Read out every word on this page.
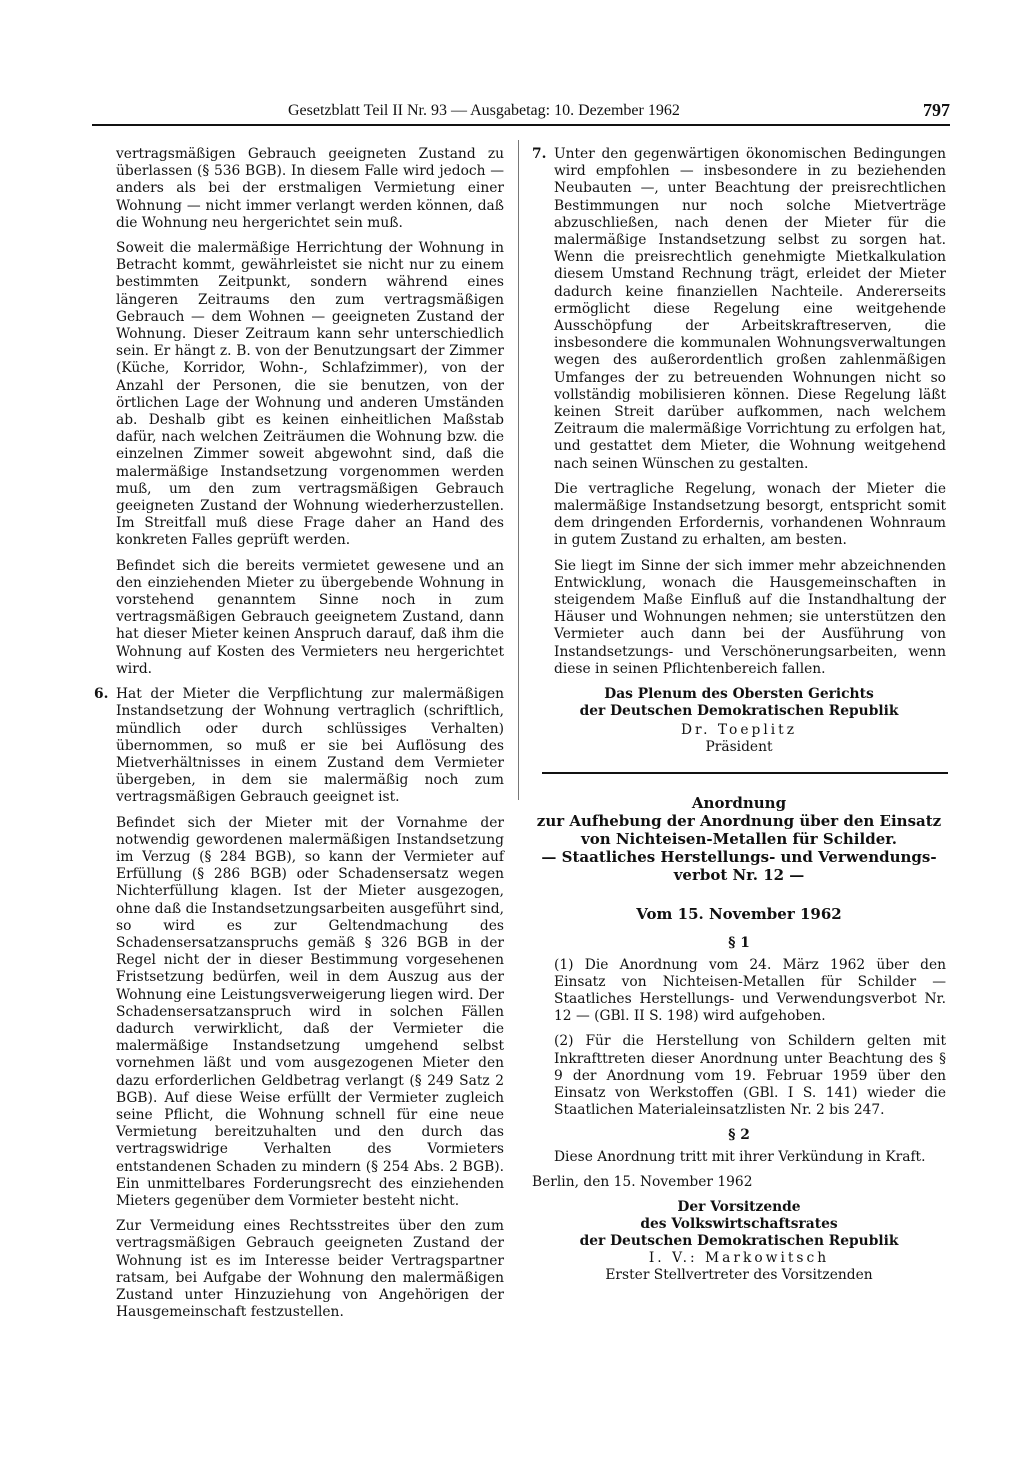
Gesetzblatt Teil II Nr. 93 — Ausgabetag: 10. Dezember 1962	797

vertragsmäßigen Gebrauch geeigneten Zustand zu überlassen (§ 536 BGB). In diesem Falle wird jedoch — anders als bei der erstmaligen Vermietung einer Wohnung — nicht immer verlangt werden können, daß die Wohnung neu hergerichtet sein muß.

Soweit die malermäßige Herrichtung der Wohnung in Betracht kommt, gewährleistet sie nicht nur zu einem bestimmten Zeitpunkt, sondern während eines längeren Zeitraums den zum vertragsmäßigen Gebrauch — dem Wohnen — geeigneten Zustand der Wohnung. Dieser Zeitraum kann sehr unterschiedlich sein. Er hängt z. B. von der Benutzungsart der Zimmer (Küche, Korridor, Wohn-, Schlafzimmer), von der Anzahl der Personen, die sie benutzen, von der örtlichen Lage der Wohnung und anderen Umständen ab. Deshalb gibt es keinen einheitlichen Maßstab dafür, nach welchen Zeiträumen die Wohnung bzw. die einzelnen Zimmer soweit abgewohnt sind, daß die malermäßige Instandsetzung vorgenommen werden muß, um den zum vertragsmäßigen Gebrauch geeigneten Zustand der Wohnung wiederherzustellen. Im Streitfall muß diese Frage daher an Hand des konkreten Falles geprüft werden.

Befindet sich die bereits vermietet gewesene und an den einziehenden Mieter zu übergebende Wohnung in vorstehend genanntem Sinne noch in zum vertragsmäßigen Gebrauch geeignetem Zustand, dann hat dieser Mieter keinen Anspruch darauf, daß ihm die Wohnung auf Kosten des Vermieters neu hergerichtet wird.

6. Hat der Mieter die Verpflichtung zur malermäßigen Instandsetzung der Wohnung vertraglich (schriftlich, mündlich oder durch schlüssiges Verhalten) übernommen, so muß er sie bei Auflösung des Mietverhältnisses in einem Zustand dem Vermieter übergeben, in dem sie malermäßig noch zum vertragsmäßigen Gebrauch geeignet ist.

Befindet sich der Mieter mit der Vornahme der notwendig gewordenen malermäßigen Instandsetzung im Verzug (§ 284 BGB), so kann der Vermieter auf Erfüllung (§ 286 BGB) oder Schadensersatz wegen Nichterfüllung klagen. Ist der Mieter ausgezogen, ohne daß die Instandsetzungsarbeiten ausgeführt sind, so wird es zur Geltendmachung des Schadensersatzanspruchs gemäß § 326 BGB in der Regel nicht der in dieser Bestimmung vorgesehenen Fristsetzung bedürfen, weil in dem Auszug aus der Wohnung eine Leistungsverweigerung liegen wird. Der Schadensersatzanspruch wird in solchen Fällen dadurch verwirklicht, daß der Vermieter die malermäßige Instandsetzung umgehend selbst vornehmen läßt und vom ausgezogenen Mieter den dazu erforderlichen Geldbetrag verlangt (§ 249 Satz 2 BGB). Auf diese Weise erfüllt der Vermieter zugleich seine Pflicht, die Wohnung schnell für eine neue Vermietung bereitzuhalten und den durch das vertragswidrige Verhalten des Vormieters entstandenen Schaden zu mindern (§ 254 Abs. 2 BGB). Ein unmittelbares Forderungsrecht des einziehenden Mieters gegenüber dem Vormieter besteht nicht.

Zur Vermeidung eines Rechtsstreites über den zum vertragsmäßigen Gebrauch geeigneten Zustand der Wohnung ist es im Interesse beider Vertragspartner ratsam, bei Aufgabe der Wohnung den malermäßigen Zustand unter Hinzuziehung von Angehörigen der Hausgemeinschaft festzustellen.

7. Unter den gegenwärtigen ökonomischen Bedingungen wird empfohlen — insbesondere in zu beziehenden Neubauten —, unter Beachtung der preisrechtlichen Bestimmungen nur noch solche Mietverträge abzuschließen, nach denen der Mieter für die malermäßige Instandsetzung selbst zu sorgen hat. Wenn die preisrechtlich genehmigte Mietkalkulation diesem Umstand Rechnung trägt, erleidet der Mieter dadurch keine finanziellen Nachteile. Andererseits ermöglicht diese Regelung eine weitgehende Ausschöpfung der Arbeitskraftreserven, die insbesondere die kommunalen Wohnungsverwaltungen wegen des außerordentlich großen zahlenmäßigen Umfanges der zu betreuenden Wohnungen nicht so vollständig mobilisieren können. Diese Regelung läßt keinen Streit darüber aufkommen, nach welchem Zeitraum die malermäßige Vorrichtung zu erfolgen hat, und gestattet dem Mieter, die Wohnung weitgehend nach seinen Wünschen zu gestalten.

Die vertragliche Regelung, wonach der Mieter die malermäßige Instandsetzung besorgt, entspricht somit dem dringenden Erfordernis, vorhandenen Wohnraum in gutem Zustand zu erhalten, am besten.

Sie liegt im Sinne der sich immer mehr abzeichnenden Entwicklung, wonach die Hausgemeinschaften in steigendem Maße Einfluß auf die Instandhaltung der Häuser und Wohnungen nehmen; sie unterstützen den Vermieter auch dann bei der Ausführung von Instandsetzungs- und Verschönerungsarbeiten, wenn diese in seinen Pflichtenbereich fallen.

Das Plenum des Obersten Gerichts
der Deutschen Demokratischen Republik
Dr. Toeplitz
Präsident
Anordnung
zur Aufhebung der Anordnung über den Einsatz
von Nichteisen-Metallen für Schilder.
— Staatliches Herstellungs- und Verwendungs-
verbot Nr. 12 —
Vom 15. November 1962
§ 1

(1) Die Anordnung vom 24. März 1962 über den Einsatz von Nichteisen-Metallen für Schilder — Staatliches Herstellungs- und Verwendungsverbot Nr. 12 — (GBl. II S. 198) wird aufgehoben.

(2) Für die Herstellung von Schildern gelten mit Inkrafttreten dieser Anordnung unter Beachtung des § 9 der Anordnung vom 19. Februar 1959 über den Einsatz von Werkstoffen (GBl. I S. 141) wieder die Staatlichen Materialeinsatzlisten Nr. 2 bis 247.

§ 2

Diese Anordnung tritt mit ihrer Verkündung in Kraft.

Berlin, den 15. November 1962

Der Vorsitzende
des Volkswirtschaftsrates
der Deutschen Demokratischen Republik
I. V.: Markowitsch
Erster Stellvertreter des Vorsitzenden
